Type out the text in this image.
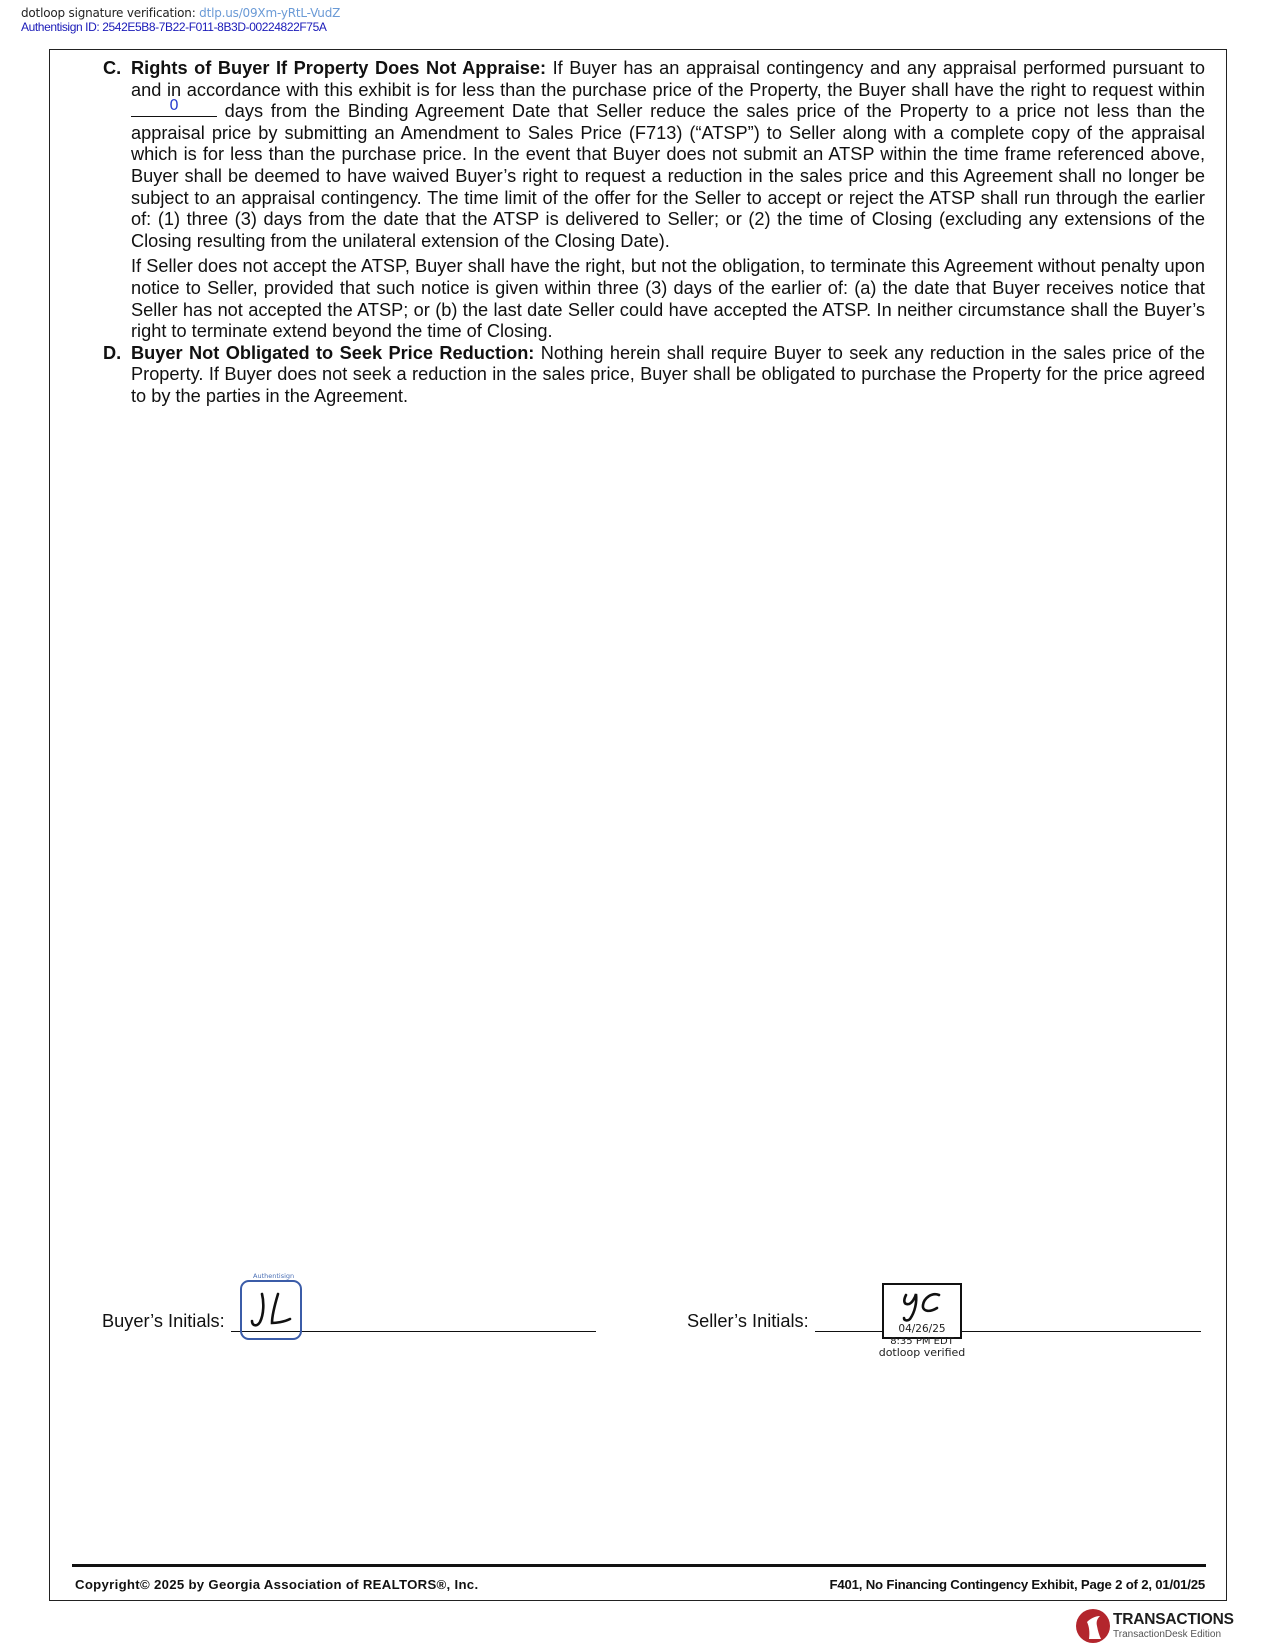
dotloop signature verification: dtlp.us/09Xm-yRtL-VudZ
Authentisign ID: 2542E5B8-7B22-F011-8B3D-00224822F75A
C. Rights of Buyer If Property Does Not Appraise: If Buyer has an appraisal contingency and any appraisal performed pursuant to and in accordance with this exhibit is for less than the purchase price of the Property, the Buyer shall have the right to request within
0	days from the Binding Agreement Date that Seller reduce the sales price of the Property to a price not less than the appraisal price by submitting an Amendment to Sales Price (F713) (“ATSP”) to Seller along with a complete copy of the appraisal which is for less than the purchase price. In the event that Buyer does not submit an ATSP within the time frame referenced above, Buyer shall be deemed to have waived Buyer’s right to request a reduction in the sales price and this Agreement shall no longer be subject to an appraisal contingency. The time limit of the offer for the Seller to accept or reject the ATSP shall run through the earlier of: (1) three (3) days from the date that the ATSP is delivered to Seller; or (2) the time of Closing (excluding any extensions of the Closing resulting from the unilateral extension of the Closing Date).

If Seller does not accept the ATSP, Buyer shall have the right, but not the obligation, to terminate this Agreement without penalty upon notice to Seller, provided that such notice is given within three (3) days of the earlier of: (a) the date that Buyer receives notice that Seller has not accepted the ATSP; or (b) the last date Seller could have accepted the ATSP. In neither circumstance shall the Buyer’s right to terminate extend beyond the time of Closing.

D. Buyer Not Obligated to Seek Price Reduction: Nothing herein shall require Buyer to seek any reduction in the sales price of the Property. If Buyer does not seek a reduction in the sales price, Buyer shall be obligated to purchase the Property for the price agreed to by the parties in the Agreement.

Buyer’s Initials:
Authentisign
Seller’s Initials:	04/26/25
8:35 PM EDT
dotloop verified
Copyright© 2025 by Georgia Association of REALTORS®, Inc.	F401, No Financing Contingency Exhibit, Page 2 of 2, 01/01/25
TRANSACTIONS
TransactionDesk Edition
